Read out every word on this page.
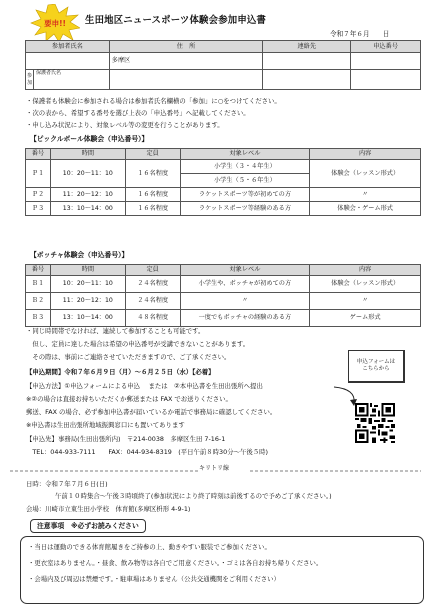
要申!! 生田地区ニュースポーツ体験会参加申込書
令和７年６月　　日
参加者氏名		住　所	連絡先	申込番号
		多摩区		
参加	保護者氏名			
・保護者も体験会に参加される場合は参加者氏名欄横の「参加」に○をつけてください。
・次の表から、希望する番号を選び上表の「申込番号」へ記載してください。
・申し込み状況により、対象レベル等の変更を行うことがあります。
【ピックルボール体験会（申込番号）】
番号	時間	定員	対象レベル	内容
Ｐ１	10：20～11：10	１６名程度	小学生（３・４年生）	体験会（レッスン形式）
			小学生（５・６年生）	
Ｐ２	11：20～12：10	１６名程度	ラケットスポーツ等が初めての方	〃
Ｐ３	13：10～14：00	１６名程度	ラケットスポーツ等経験のある方	体験会・ゲーム形式
【ボッチャ体験会（申込番号）】
番号	時間	定員	対象レベル	内容
Ｂ１	10：20～11：10	２４名程度	小学生や、ボッチャが初めての方	体験会（レッスン形式）
Ｂ２	11：20～12：10	２４名程度	〃	〃
Ｂ３	13：10～14：00	４８名程度	一度でもボッチャの経験のある方	ゲーム形式
・同じ時間帯でなければ、連続して参加することも可能です。
　但し、定員に達した場合は希望の申込番号が受講できないことがあります。
　その際は、事前にご連絡させていただきますので、ご了承ください。
【申込期間】令和７年６月９日（月）～６月２５日（水）【必着】
【申込方法】①申込フォームによる申込　 または　②本申込書を生田出張所へ提出
※②の場合は直接お持ちいただくか郵送または FAX でお送りください。
郵送、FAX の場合、必ず参加申込書が届いているか電話で事務局に確認してください。
※申込書は生田出張所地域振興窓口にも置いてあります
【申込先】事務局(生田出張所内)　〒214-0038　多摩区生田 7-16-1
　TEL：044-933-7111　　FAX：044-934-8319　(平日午前８時30分～午後５時)
申込フォームは
こちらから
キリトリ線
日時：令和７年７月６日(日)
午前１０時集合～午後３時頃終了(参加状況により終了時刻は前後するので予めご了承ください。)
会場：川崎市立東生田小学校　体育館(多摩区枡形 4-9-1)
注意事項　※必ずお読みください
・当日は運動のできる体育館履きをご持参の上、動きやすい服装でご参加ください。
・更衣室はありません。・昼食、飲み物等は各自でご用意ください。・ゴミは各自お持ち帰りください。
・会場内及び周辺は禁煙です。・駐車場はありません（公共交通機関をご利用ください）
